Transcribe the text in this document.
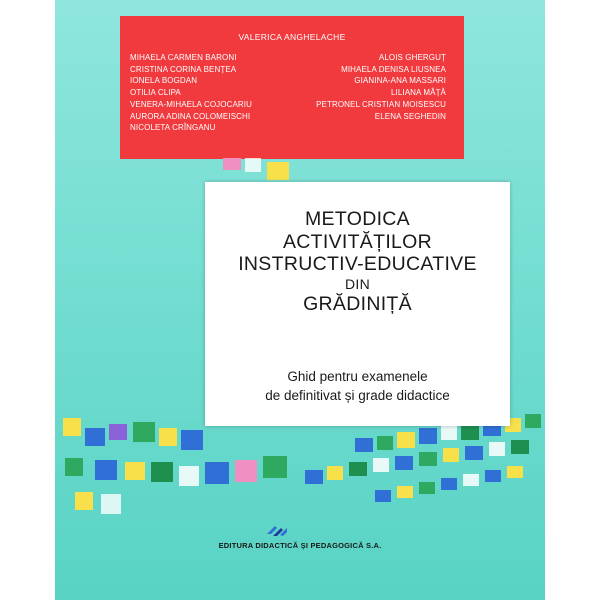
VALERICA ANGHELACHE
MIHAELA CARMEN BARONI
CRISTINA CORINA BENȚEA
IONELA BOGDAN
OTILIA CLIPA
VENERA-MIHAELA COJOCARIU
AURORA ADINA COLOMEISCHI
NICOLETA CRÎNGANU
ALOIS GHERGUȚ
MIHAELA DENISA LIUSNEA
GIANINA-ANA MASSARI
LILIANA MÂȚĂ
PETRONEL CRISTIAN MOISESCU
ELENA SEGHEDIN
METODICA
ACTIVITĂȚILOR
INSTRUCTIV-EDUCATIVE
DIN
GRĂDINIȚĂ
Ghid pentru examenele
de definitivat și grade didactice
EDITURA DIDACTICĂ ȘI PEDAGOGICĂ S.A.
